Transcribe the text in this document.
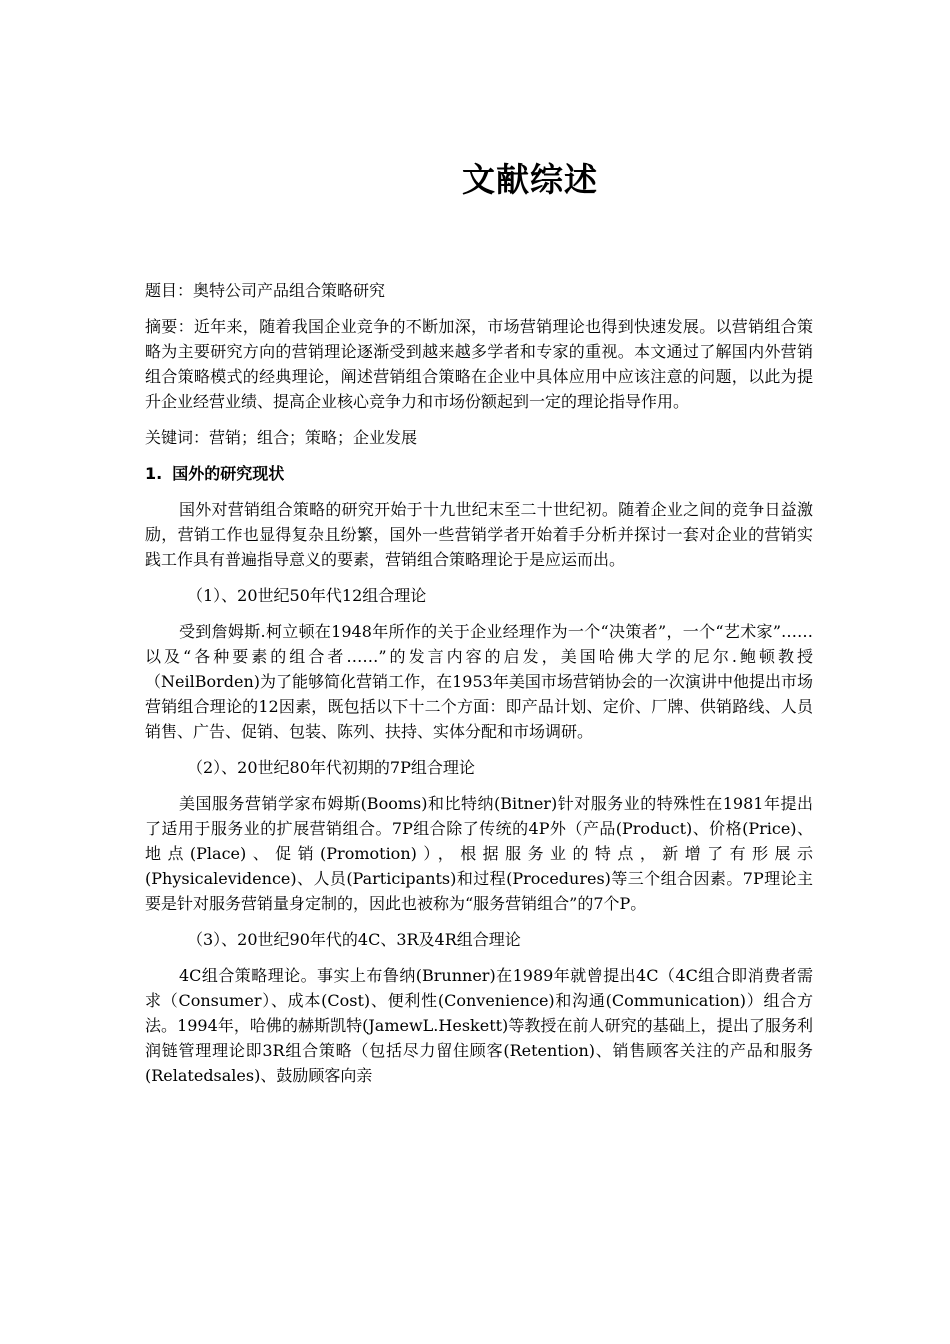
文献综述

题目：奥特公司产品组合策略研究

摘要：近年来，随着我国企业竞争的不断加深，市场营销理论也得到快速发展。以营销组合策略为主要研究方向的营销理论逐渐受到越来越多学者和专家的重视。本文通过了解国内外营销组合策略模式的经典理论，阐述营销组合策略在企业中具体应用中应该注意的问题，以此为提升企业经营业绩、提高企业核心竞争力和市场份额起到一定的理论指导作用。

关键词：营销；组合；策略；企业发展

1. 国外的研究现状

国外对营销组合策略的研究开始于十九世纪末至二十世纪初。随着企业之间的竞争日益激励，营销工作也显得复杂且纷繁，国外一些营销学者开始着手分析并探讨一套对企业的营销实践工作具有普遍指导意义的要素，营销组合策略理论于是应运而出。

（1）、20世纪50年代12组合理论

受到詹姆斯.柯立顿在1948年所作的关于企业经理作为一个“决策者”，一个“艺术家”……以及“各种要素的组合者……”的发言内容的启发，美国哈佛大学的尼尔.鲍顿教授（NeilBorden)为了能够简化营销工作，在1953年美国市场营销协会的一次演讲中他提出市场营销组合理论的12因素，既包括以下十二个方面：即产品计划、定价、厂牌、供销路线、人员销售、广告、促销、包装、陈列、扶持、实体分配和市场调研。

（2）、20世纪80年代初期的7P组合理论

美国服务营销学家布姆斯(Booms)和比特纳(Bitner)针对服务业的特殊性在1981年提出了适用于服务业的扩展营销组合。7P组合除了传统的4P外（产品(Product)、价格(Price)、地点(Place)、促销(Promotion)），根据服务业的特点，新增了有形展示(Physicalevidence)、人员(Participants)和过程(Procedures)等三个组合因素。7P理论主要是针对服务营销量身定制的，因此也被称为“服务营销组合”的7个P。

（3）、20世纪90年代的4C、3R及4R组合理论

4C组合策略理论。事实上布鲁纳(Brunner)在1989年就曾提出4C（4C组合即消费者需求（Consumer）、成本(Cost)、便利性(Convenience)和沟通(Communication)）组合方法。1994年，哈佛的赫斯凯特(JamewL.Heskett)等教授在前人研究的基础上，提出了服务利润链管理理论即3R组合策略（包括尽力留住顾客(Retention)、销售顾客关注的产品和服务(Relatedsales)、鼓励顾客向亲
